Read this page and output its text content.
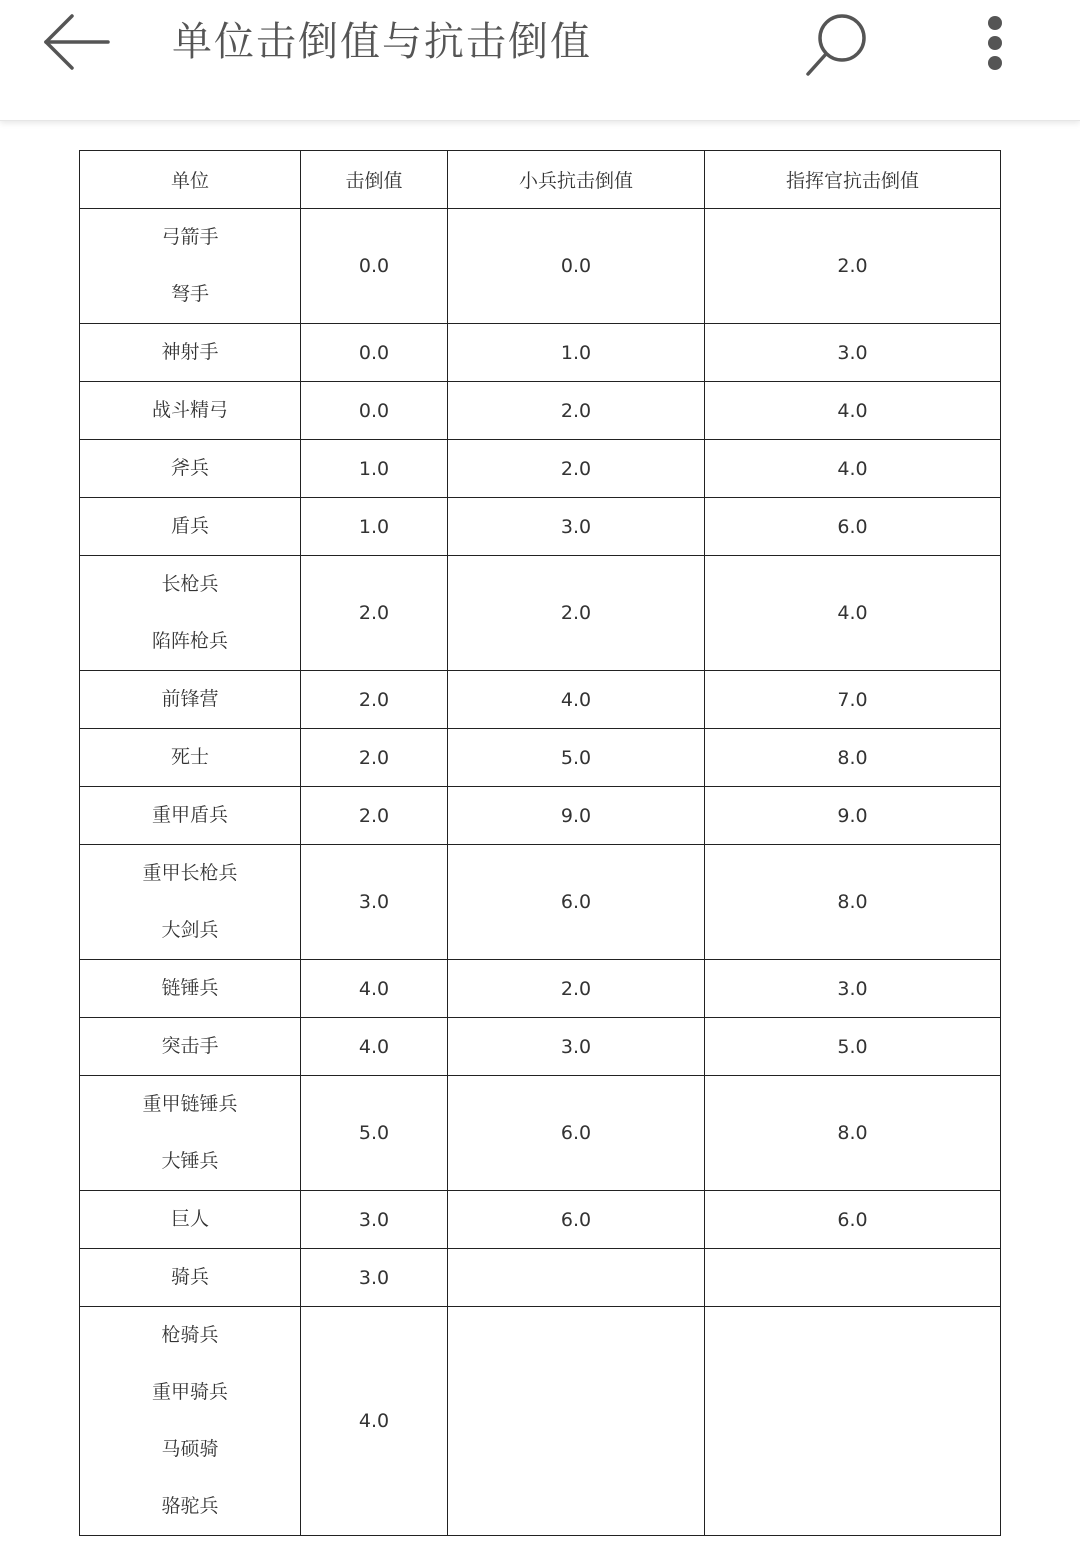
单位击倒值与抗击倒值
单位	击倒值	小兵抗击倒值	指挥官抗击倒值

弓箭手
弩手	0.0	0.0	2.0

神射手	0.0	1.0	3.0

战斗精弓	0.0	2.0	4.0

斧兵	1.0	2.0	4.0

盾兵	1.0	3.0	6.0

长枪兵
陷阵枪兵	2.0	2.0	4.0

前锋营	2.0	4.0	7.0

死士	2.0	5.0	8.0

重甲盾兵	2.0	9.0	9.0

重甲长枪兵
大剑兵	3.0	6.0	8.0

链锤兵	4.0	2.0	3.0

突击手	4.0	3.0	5.0

重甲链锤兵
大锤兵	5.0	6.0	8.0

巨人	3.0	6.0	6.0

骑兵	3.0		

枪骑兵
重甲骑兵
马硕骑
骆驼兵	4.0		
